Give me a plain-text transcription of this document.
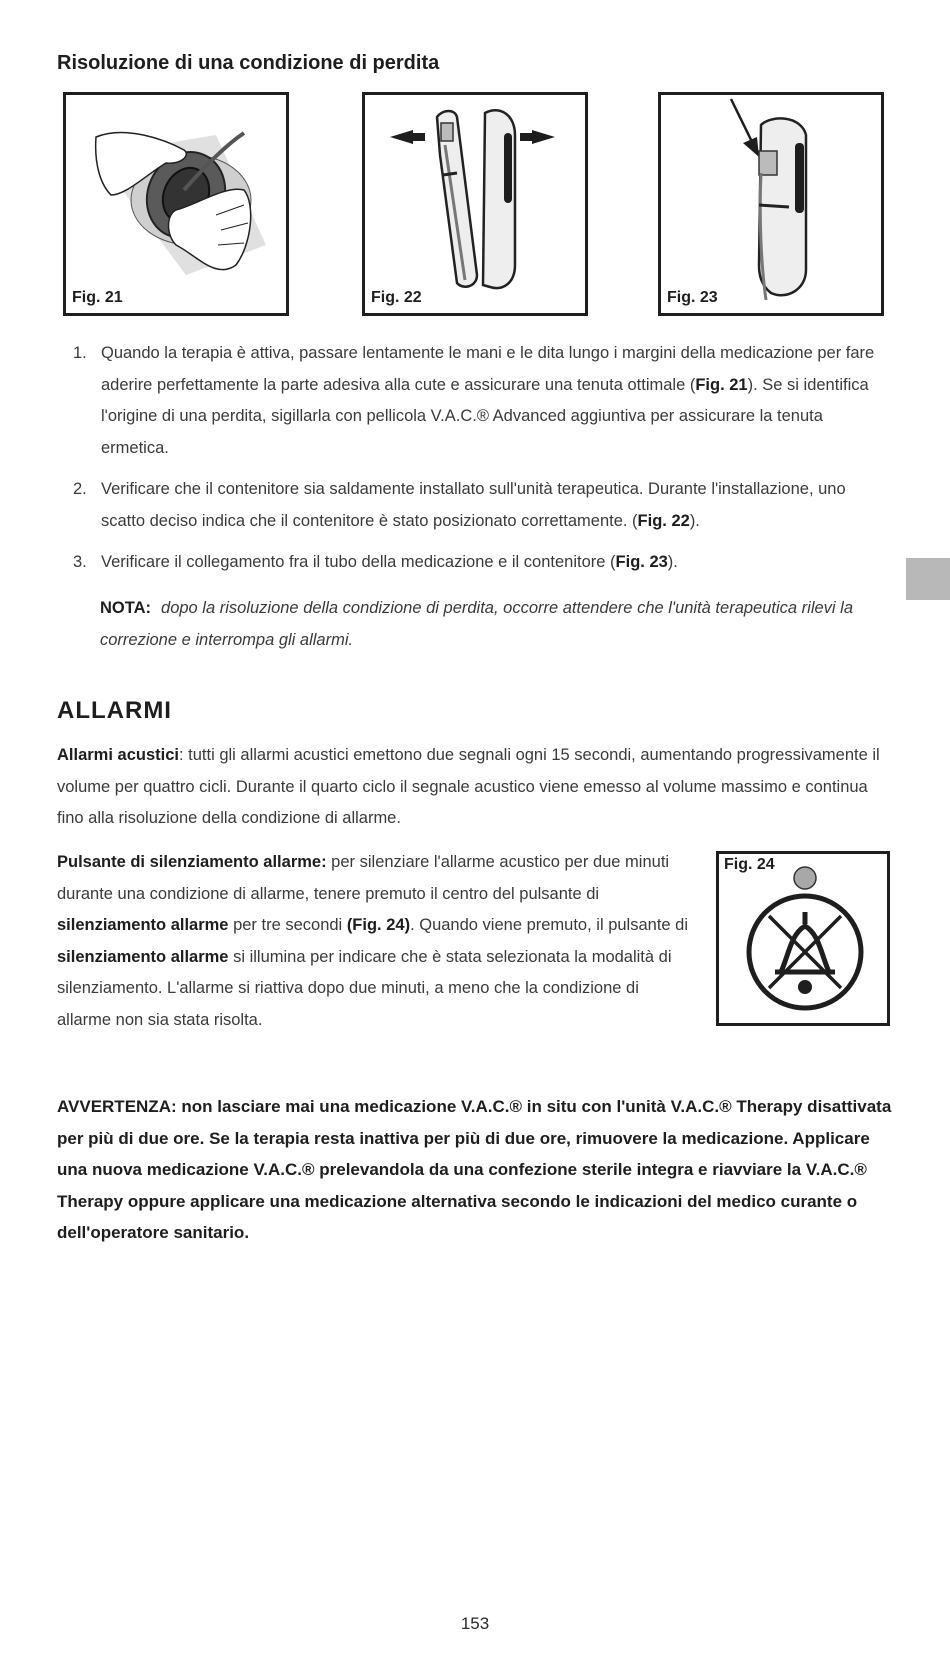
Risoluzione di una condizione di perdita
Fig. 21	Fig. 22	Fig. 23
1. Quando la terapia è attiva, passare lentamente le mani e le dita lungo i margini della medicazione per fare aderire perfettamente la parte adesiva alla cute e assicurare una tenuta ottimale (Fig. 21). Se si identifica l'origine di una perdita, sigillarla con pellicola V.A.C.® Advanced aggiuntiva per assicurare la tenuta ermetica.
2. Verificare che il contenitore sia saldamente installato sull'unità terapeutica. Durante l'installazione, uno scatto deciso indica che il contenitore è stato posizionato correttamente. (Fig. 22).
3. Verificare il collegamento fra il tubo della medicazione e il contenitore (Fig. 23).
NOTA: dopo la risoluzione della condizione di perdita, occorre attendere che l'unità terapeutica rilevi la correzione e interrompa gli allarmi.
ALLARMI
Allarmi acustici: tutti gli allarmi acustici emettono due segnali ogni 15 secondi, aumentando progressivamente il volume per quattro cicli. Durante il quarto ciclo il segnale acustico viene emesso al volume massimo e continua fino alla risoluzione della condizione di allarme.
Pulsante di silenziamento allarme: per silenziare l'allarme acustico per due minuti durante una condizione di allarme, tenere premuto il centro del pulsante di silenziamento allarme per tre secondi (Fig. 24). Quando viene premuto, il pulsante di silenziamento allarme si illumina per indicare che è stata selezionata la modalità di silenziamento. L'allarme si riattiva dopo due minuti, a meno che la condizione di allarme non sia stata risolta.
Fig. 24
AVVERTENZA: non lasciare mai una medicazione V.A.C.® in situ con l'unità V.A.C.® Therapy disattivata per più di due ore. Se la terapia resta inattiva per più di due ore, rimuovere la medicazione. Applicare una nuova medicazione V.A.C.® prelevandola da una confezione sterile integra e riavviare la V.A.C.® Therapy oppure applicare una medicazione alternativa secondo le indicazioni del medico curante o dell'operatore sanitario.
153
